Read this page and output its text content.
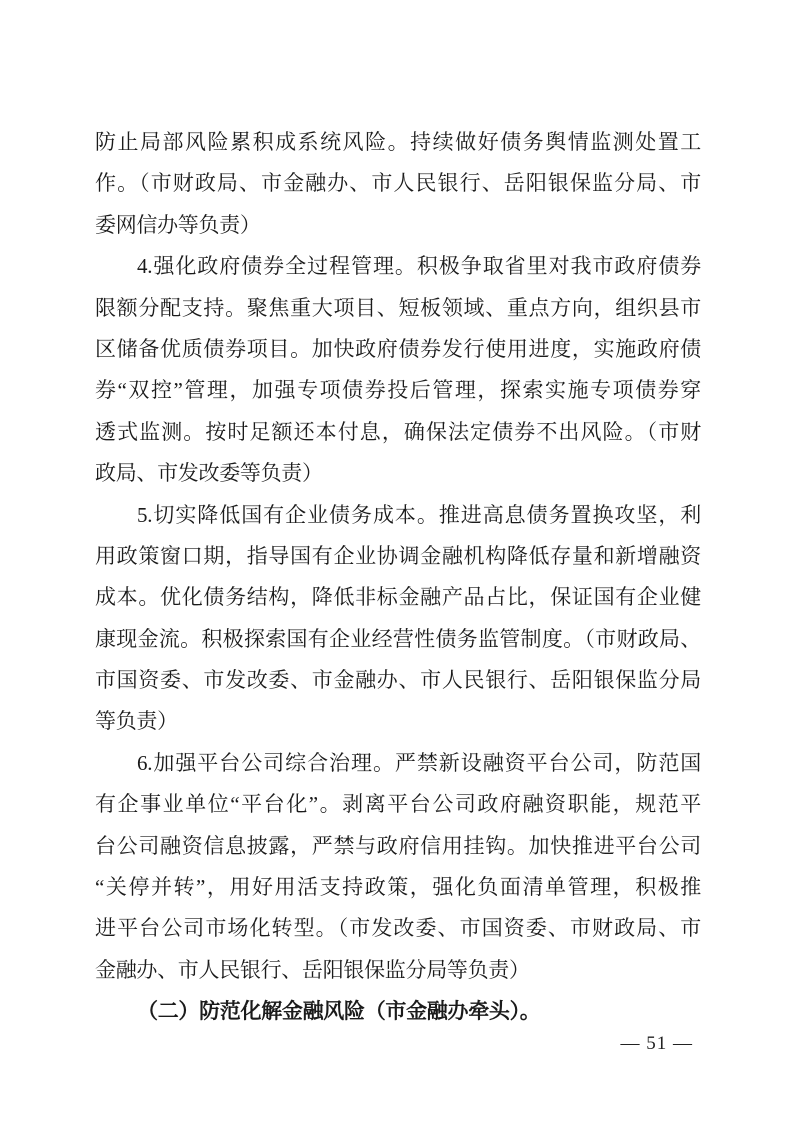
防止局部风险累积成系统风险。持续做好债务舆情监测处置工
作。（市财政局、市金融办、市人民银行、岳阳银保监分局、市
委网信办等负责）
4.强化政府债券全过程管理。积极争取省里对我市政府债券
限额分配支持。聚焦重大项目、短板领域、重点方向，组织县市
区储备优质债券项目。加快政府债券发行使用进度，实施政府债
券“双控”管理，加强专项债券投后管理，探索实施专项债券穿
透式监测。按时足额还本付息，确保法定债券不出风险。（市财
政局、市发改委等负责）
5.切实降低国有企业债务成本。推进高息债务置换攻坚，利
用政策窗口期，指导国有企业协调金融机构降低存量和新增融资
成本。优化债务结构，降低非标金融产品占比，保证国有企业健
康现金流。积极探索国有企业经营性债务监管制度。（市财政局、
市国资委、市发改委、市金融办、市人民银行、岳阳银保监分局
等负责）
6.加强平台公司综合治理。严禁新设融资平台公司，防范国
有企事业单位“平台化”。剥离平台公司政府融资职能，规范平
台公司融资信息披露，严禁与政府信用挂钩。加快推进平台公司
“关停并转”，用好用活支持政策，强化负面清单管理，积极推
进平台公司市场化转型。（市发改委、市国资委、市财政局、市
金融办、市人民银行、岳阳银保监分局等负责）
（二）防范化解金融风险（市金融办牵头）。
— 51 —
